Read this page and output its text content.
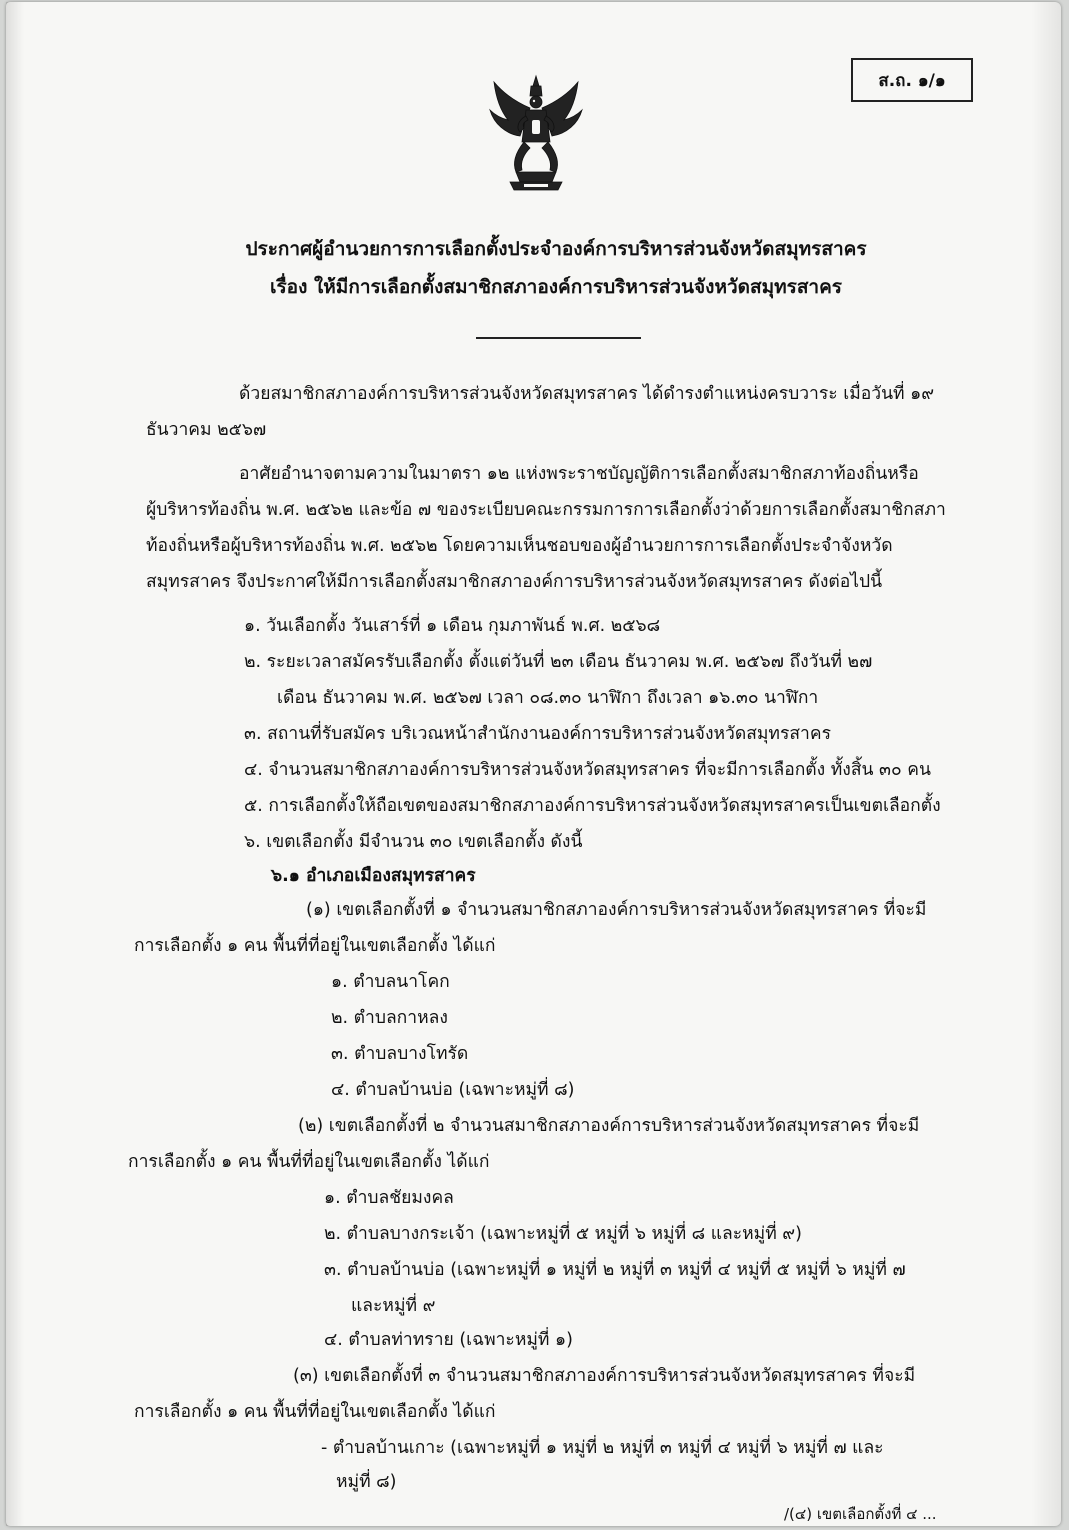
ส.ถ. ๑/๑
ประกาศผู้อำนวยการการเลือกตั้งประจำองค์การบริหารส่วนจังหวัดสมุทรสาคร
เรื่อง ให้มีการเลือกตั้งสมาชิกสภาองค์การบริหารส่วนจังหวัดสมุทรสาคร
ด้วยสมาชิกสภาองค์การบริหารส่วนจังหวัดสมุทรสาคร ได้ดำรงตำแหน่งครบวาระ เมื่อวันที่ ๑๙
ธันวาคม ๒๕๖๗
อาศัยอำนาจตามความในมาตรา ๑๒ แห่งพระราชบัญญัติการเลือกตั้งสมาชิกสภาท้องถิ่นหรือ
ผู้บริหารท้องถิ่น พ.ศ. ๒๕๖๒ และข้อ ๗ ของระเบียบคณะกรรมการการเลือกตั้งว่าด้วยการเลือกตั้งสมาชิกสภา
ท้องถิ่นหรือผู้บริหารท้องถิ่น พ.ศ. ๒๕๖๒ โดยความเห็นชอบของผู้อำนวยการการเลือกตั้งประจำจังหวัด
สมุทรสาคร จึงประกาศให้มีการเลือกตั้งสมาชิกสภาองค์การบริหารส่วนจังหวัดสมุทรสาคร ดังต่อไปนี้
๑. วันเลือกตั้ง วันเสาร์ที่ ๑ เดือน กุมภาพันธ์ พ.ศ. ๒๕๖๘
๒. ระยะเวลาสมัครรับเลือกตั้ง ตั้งแต่วันที่ ๒๓ เดือน ธันวาคม พ.ศ. ๒๕๖๗ ถึงวันที่ ๒๗
เดือน ธันวาคม พ.ศ. ๒๕๖๗ เวลา ๐๘.๓๐ นาฬิกา ถึงเวลา ๑๖.๓๐ นาฬิกา
๓. สถานที่รับสมัคร บริเวณหน้าสำนักงานองค์การบริหารส่วนจังหวัดสมุทรสาคร
๔. จำนวนสมาชิกสภาองค์การบริหารส่วนจังหวัดสมุทรสาคร ที่จะมีการเลือกตั้ง ทั้งสิ้น ๓๐ คน
๕. การเลือกตั้งให้ถือเขตของสมาชิกสภาองค์การบริหารส่วนจังหวัดสมุทรสาครเป็นเขตเลือกตั้ง
๖. เขตเลือกตั้ง มีจำนวน ๓๐ เขตเลือกตั้ง ดังนี้
๖.๑ อำเภอเมืองสมุทรสาคร
(๑) เขตเลือกตั้งที่ ๑ จำนวนสมาชิกสภาองค์การบริหารส่วนจังหวัดสมุทรสาคร ที่จะมี
การเลือกตั้ง ๑ คน พื้นที่ที่อยู่ในเขตเลือกตั้ง ได้แก่
๑. ตำบลนาโคก
๒. ตำบลกาหลง
๓. ตำบลบางโทรัด
๔. ตำบลบ้านบ่อ (เฉพาะหมู่ที่ ๘)
(๒) เขตเลือกตั้งที่ ๒ จำนวนสมาชิกสภาองค์การบริหารส่วนจังหวัดสมุทรสาคร ที่จะมี
การเลือกตั้ง ๑ คน พื้นที่ที่อยู่ในเขตเลือกตั้ง ได้แก่
๑. ตำบลชัยมงคล
๒. ตำบลบางกระเจ้า (เฉพาะหมู่ที่ ๕ หมู่ที่ ๖ หมู่ที่ ๘ และหมู่ที่ ๙)
๓. ตำบลบ้านบ่อ (เฉพาะหมู่ที่ ๑ หมู่ที่ ๒ หมู่ที่ ๓ หมู่ที่ ๔ หมู่ที่ ๕ หมู่ที่ ๖ หมู่ที่ ๗
และหมู่ที่ ๙
๔. ตำบลท่าทราย (เฉพาะหมู่ที่ ๑)
(๓) เขตเลือกตั้งที่ ๓ จำนวนสมาชิกสภาองค์การบริหารส่วนจังหวัดสมุทรสาคร ที่จะมี
การเลือกตั้ง ๑ คน พื้นที่ที่อยู่ในเขตเลือกตั้ง ได้แก่
- ตำบลบ้านเกาะ (เฉพาะหมู่ที่ ๑ หมู่ที่ ๒ หมู่ที่ ๓ หมู่ที่ ๔ หมู่ที่ ๖ หมู่ที่ ๗ และ
หมู่ที่ ๘)
/(๔) เขตเลือกตั้งที่ ๔ ...
